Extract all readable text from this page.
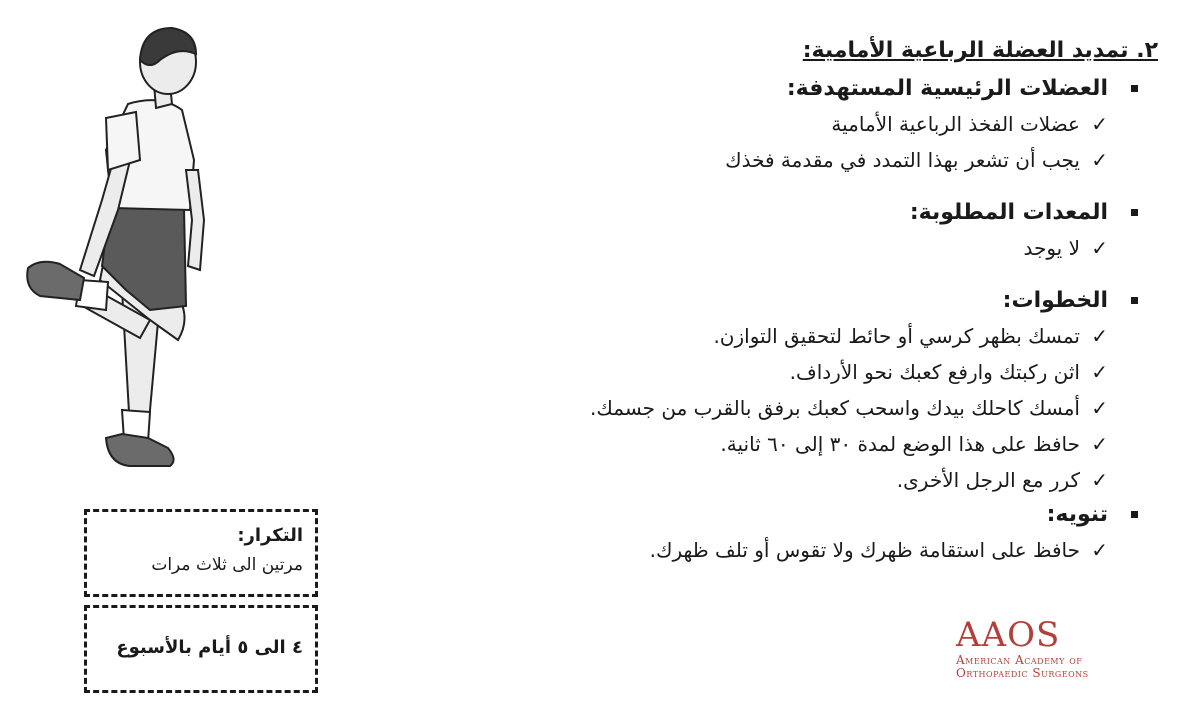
٢. تمديد العضلة الرباعية الأمامية:
العضلات الرئيسية المستهدفة:
✓
عضلات الفخذ الرباعية الأمامية
✓
يجب أن تشعر بهذا التمدد في مقدمة فخذك
المعدات المطلوبة:
✓
لا يوجد
الخطوات:
✓
تمسك بظهر كرسي أو حائط لتحقيق التوازن.
✓
اثن ركبتك وارفع كعبك نحو الأرداف.
✓
أمسك كاحلك بيدك واسحب كعبك برفق بالقرب من جسمك.
✓
حافظ على هذا الوضع لمدة ٣٠ إلى ٦٠ ثانية.
✓
كرر مع الرجل الأخرى.
تنويه:
✓
حافظ على استقامة ظهرك ولا تقوس أو تلف ظهرك.
التكرار:
مرتين الى ثلاث مرات
٤ الى ٥ أيام بالأسبوع	AAOS
American Academy of
Orthopaedic Surgeons
